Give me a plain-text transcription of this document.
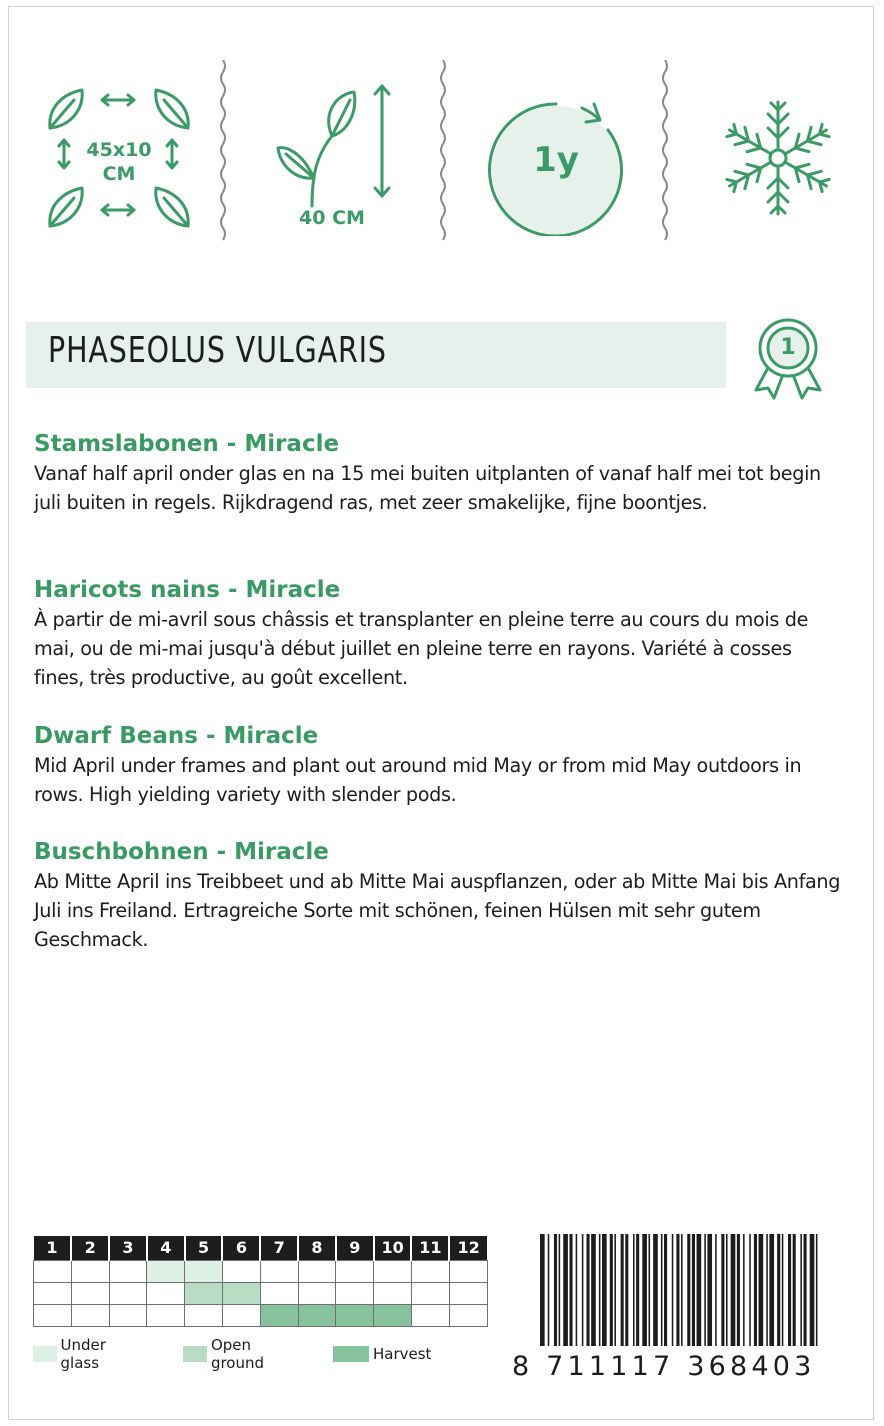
45x10
CM
40 CM
1y
PHASEOLUS VULGARIS	1
Stamslabonen - Miracle

Vanaf half april onder glas en na 15 mei buiten uitplanten of vanaf half mei tot begin juli buiten in regels. Rijkdragend ras, met zeer smakelijke, fijne boontjes.

Haricots nains - Miracle

À partir de mi-avril sous châssis et transplanter en pleine terre au cours du mois de mai, ou de mi-mai jusqu'à début juillet en pleine terre en rayons. Variété à cosses fines, très productive, au goût excellent.

Dwarf Beans - Miracle

Mid April under frames and plant out around mid May or from mid May outdoors in rows. High yielding variety with slender pods.

Buschbohnen - Miracle

Ab Mitte April ins Treibbeet und ab Mitte Mai auspflanzen, oder ab Mitte Mai bis Anfang Juli ins Freiland. Ertragreiche Sorte mit schönen, feinen Hülsen mit sehr gutem Geschmack.

1	2	3	4	5	6	7	8	9	10	11	12

Under glass
Open ground	Harvest	8 711117 368403
